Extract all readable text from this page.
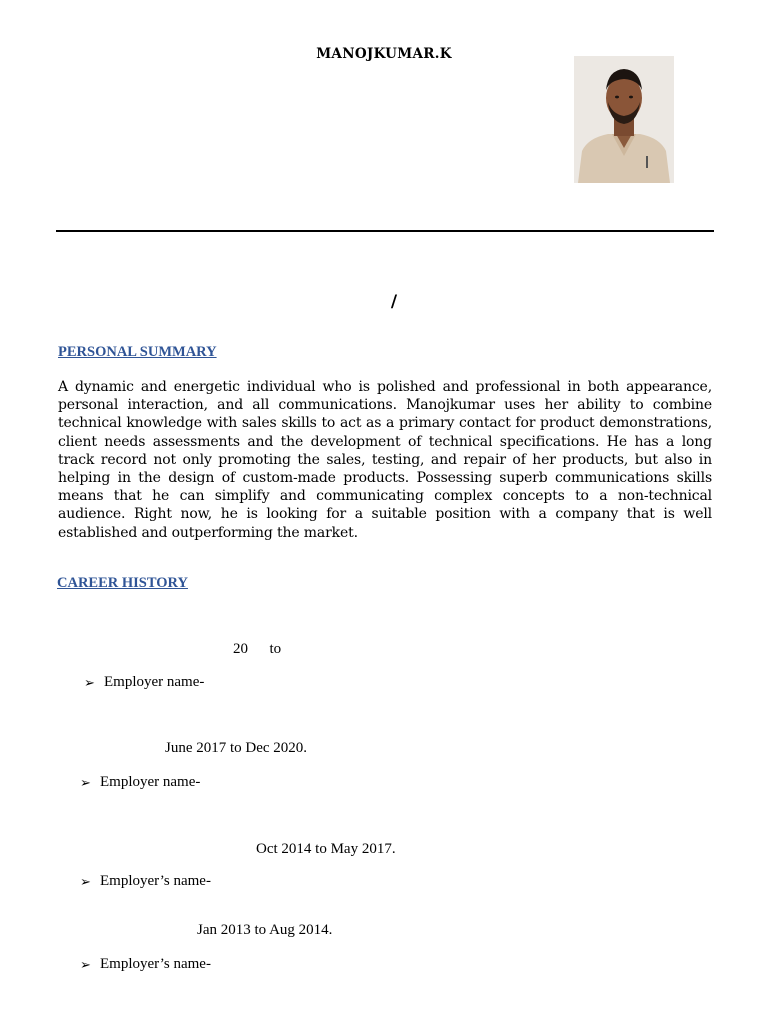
MANOJKUMAR.K
/
PERSONAL SUMMARY
A dynamic and energetic individual who is polished and professional in both appearance, personal interaction, and all communications. Manojkumar uses her ability to combine technical knowledge with sales skills to act as a primary contact for product demonstrations, client needs assessments and the development of technical specifications. He has a long track record not only promoting the sales, testing, and repair of her products, but also in helping in the design of custom-made products. Possessing superb communications skills means that he can simplify and communicating complex concepts to a non-technical audience. Right now, he is looking for a suitable position with a company that is well established and outperforming the market.
CAREER HISTORY
20 to
➢ Employer name-
June 2017 to Dec 2020.
➢ Employer name-
Oct 2014 to May 2017.
➢ Employer’s name-
Jan 2013 to Aug 2014.
➢ Employer’s name-
